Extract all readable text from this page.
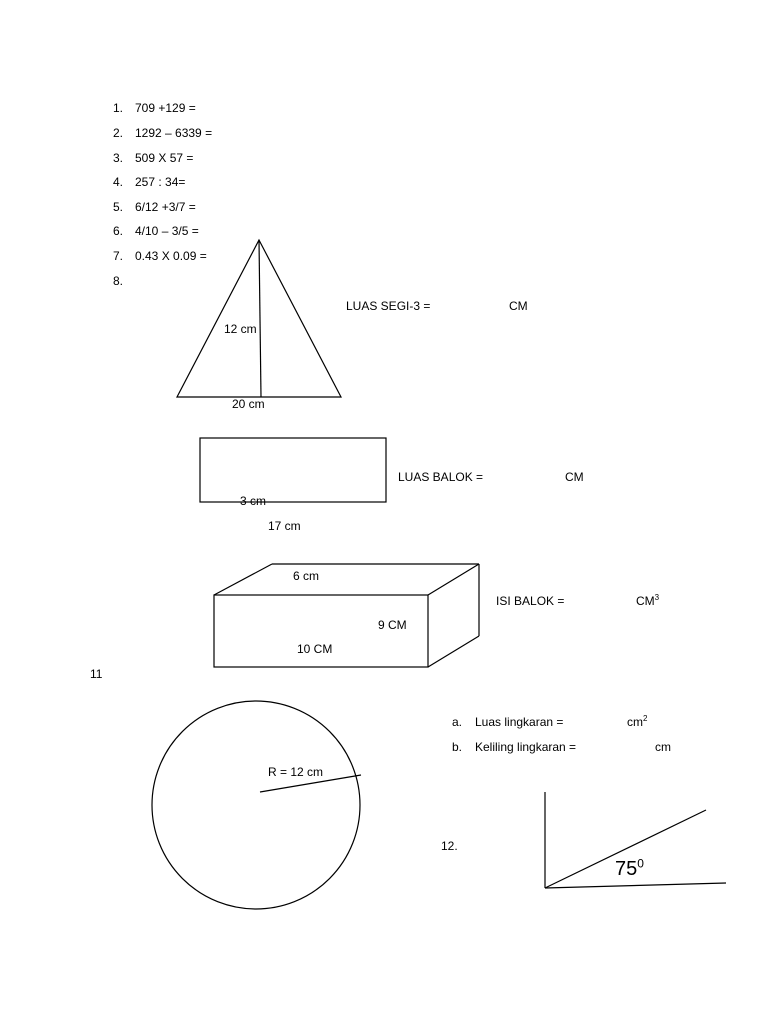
1. 709 +129 =
2. 1292 – 6339 =
3. 509 X 57 =
4. 257 : 34=
5. 6/12 +3/7 =
6. 4/10 – 3/5 =
7. 0.43 X 0.09 =
8.
12 cm
20 cm
LUAS SEGI-3 =	CM
3 cm
17 cm
LUAS BALOK =	CM
6 cm
9 CM
10 CM
ISI BALOK =	$CM^3$
11
R = 12 cm
a. Luas lingkaran =	$cm^2$
b. Keliling lingkaran =	cm
12.
$75^0$
